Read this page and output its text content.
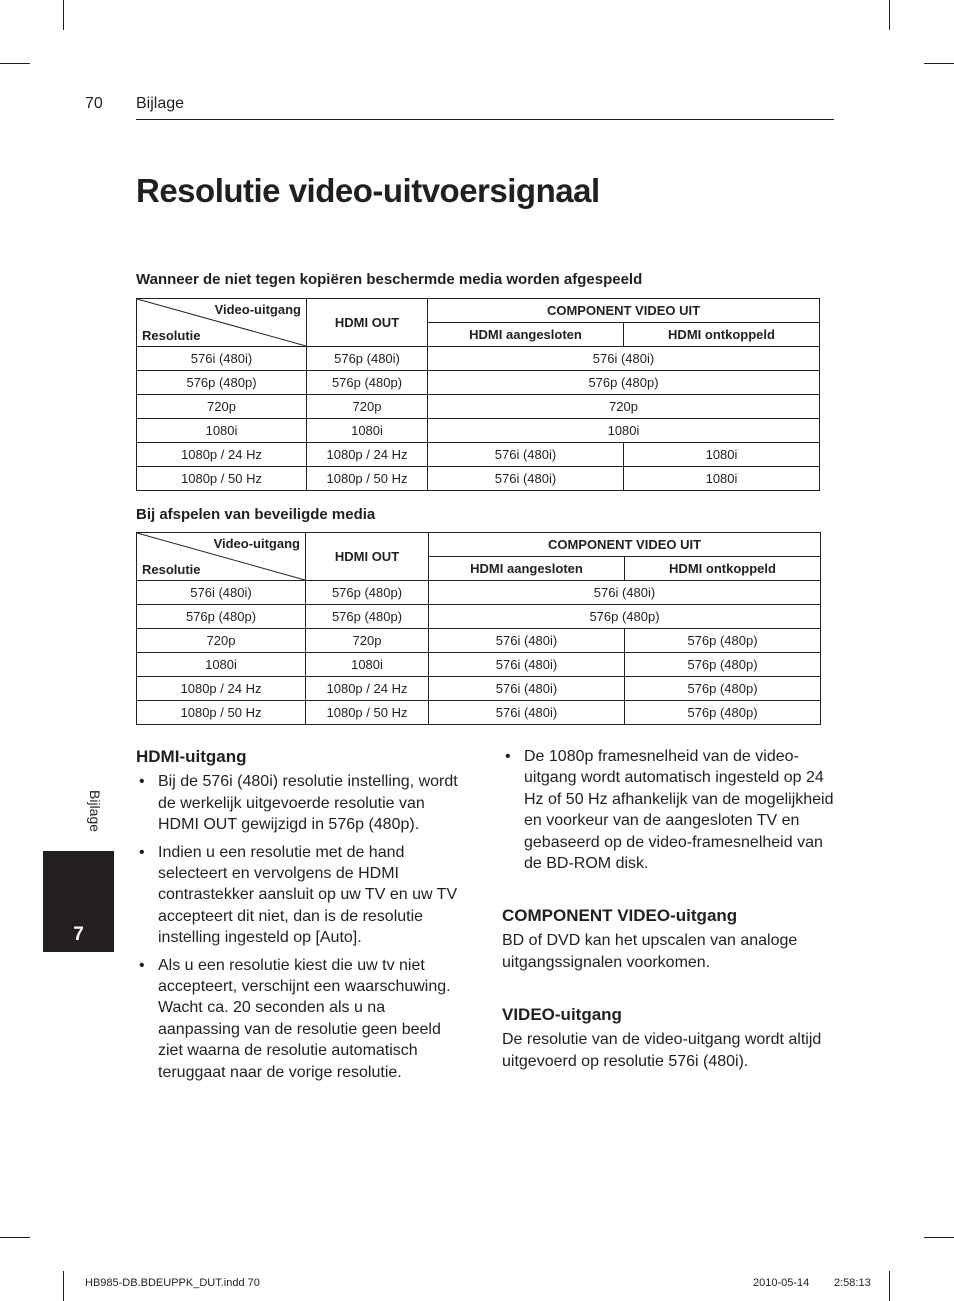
70 Bijlage
Resolutie video-uitvoersignaal
Wanneer de niet tegen kopiëren beschermde media worden afgespeeld
Video-uitgang
Resolutie	HDMI OUT	COMPONENT VIDEO UIT	
		HDMI aangesloten	HDMI ontkoppeld
576i (480i)	576p (480i)	576i (480i)	
576p (480p)	576p (480p)	576p (480p)	
720p	720p	720p	
1080i	1080i	1080i	
1080p / 24 Hz	1080p / 24 Hz	576i (480i)	1080i
1080p / 50 Hz	1080p / 50 Hz	576i (480i)	1080i
Bij afspelen van beveiligde media
Video-uitgang
Resolutie	HDMI OUT	COMPONENT VIDEO UIT	
		HDMI aangesloten	HDMI ontkoppeld
576i (480i)	576p (480p)	576i (480i)	
576p (480p)	576p (480p)	576p (480p)	
720p	720p	576i (480i)	576p (480p)
1080i	1080i	576i (480i)	576p (480p)
1080p / 24 Hz	1080p / 24 Hz	576i (480i)	576p (480p)
1080p / 50 Hz	1080p / 50 Hz	576i (480i)	576p (480p)
HDMI-uitgang
• Bij de 576i (480i) resolutie instelling, wordt de werkelijk uitgevoerde resolutie van HDMI OUT gewijzigd in 576p (480p).
• Indien u een resolutie met de hand selecteert en vervolgens de HDMI contrastekker aansluit op uw TV en uw TV accepteert dit niet, dan is de resolutie instelling ingesteld op [Auto].
• Als u een resolutie kiest die uw tv niet accepteert, verschijnt een waarschuwing. Wacht ca. 20 seconden als u na aanpassing van de resolutie geen beeld ziet waarna de resolutie automatisch teruggaat naar de vorige resolutie.
• De 1080p framesnelheid van de video-uitgang wordt automatisch ingesteld op 24 Hz of 50 Hz afhankelijk van de mogelijkheid en voorkeur van de aangesloten TV en gebaseerd op de video-framesnelheid van de BD-ROM disk.
COMPONENT VIDEO-uitgang

BD of DVD kan het upscalen van analoge uitgangssignalen voorkomen.

VIDEO-uitgang

De resolutie van de video-uitgang wordt altijd uitgevoerd op resolutie 576i (480i).

Bijlage
7
HB985-DB.BDEUPPK_DUT.indd 70	2010-05-14 2:58:13
